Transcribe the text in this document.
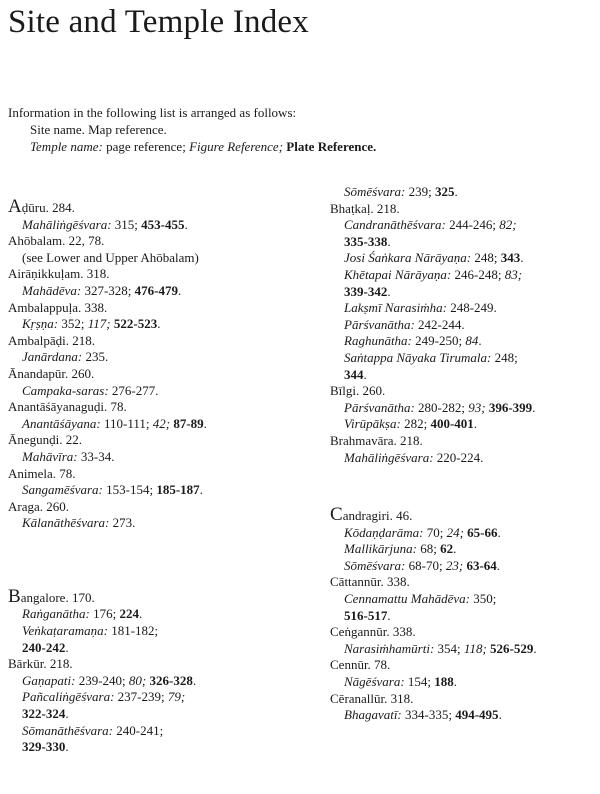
Site and Temple Index
Information in the following list is arranged as follows:
Site name. Map reference.
Temple name: page reference; Figure Reference; Plate Reference.
Aḍūru. 284.
Mahāliṅgēśvara: 315; 453-455.
Ahōbalam. 22, 78.
(see Lower and Upper Ahōbalam)
Airāṇikkuḷam. 318.
Mahādēva: 327-328; 476-479.
Ambalappuḷa. 338.
Kṛṣṇa: 352; 117; 522-523.
Ambalpāḍi. 218.
Janārdana: 235.
Ānandapūr. 260.
Campaka-saras: 276-277.
Anantāśāyanaguḍi. 78.
Anantāśāyana: 110-111; 42; 87-89.
Ānegunḍi. 22.
Mahāvīra: 33-34.
Animela. 78.
Sangamēśvara: 153-154; 185-187.
Araga. 260.
Kālanāthēśvara: 273.
Bangalore. 170.
Raṅganātha: 176; 224.
Veṅkaṭaramaṇa: 181-182;
240-242.
Bārkūr. 218.
Gaṇapati: 239-240; 80; 326-328.
Pañcaliṅgēśvara: 237-239; 79;
322-324.
Sōmanāthēśvara: 240-241;
329-330.
Sōmēśvara: 239; 325.
Bhaṭkaḷ. 218.
Candranāthēśvara: 244-246; 82;
335-338.
Josi Śaṅkara Nārāyaṇa: 248; 343.
Khētapai Nārāyaṇa: 246-248; 83;
339-342.
Lakṣmī Narasiṁha: 248-249.
Pārśvanātha: 242-244.
Raghunātha: 249-250; 84.
Saṅtappa Nāyaka Tirumala: 248;
344.
Bīlgi. 260.
Pārśvanātha: 280-282; 93; 396-399.
Virūpākṣa: 282; 400-401.
Brahmavāra. 218.
Mahāliṅgēśvara: 220-224.
Candragiri. 46.
Kōdaṇḍarāma: 70; 24; 65-66.
Mallikārjuna: 68; 62.
Sōmēśvara: 68-70; 23; 63-64.
Cāttannūr. 338.
Cennamattu Mahādēva: 350;
516-517.
Ceṅgannūr. 338.
Narasiṁhamūrti: 354; 118; 526-529.
Cennūr. 78.
Nāgēśvara: 154; 188.
Cēranallūr. 318.
Bhagavatī: 334-335; 494-495.
